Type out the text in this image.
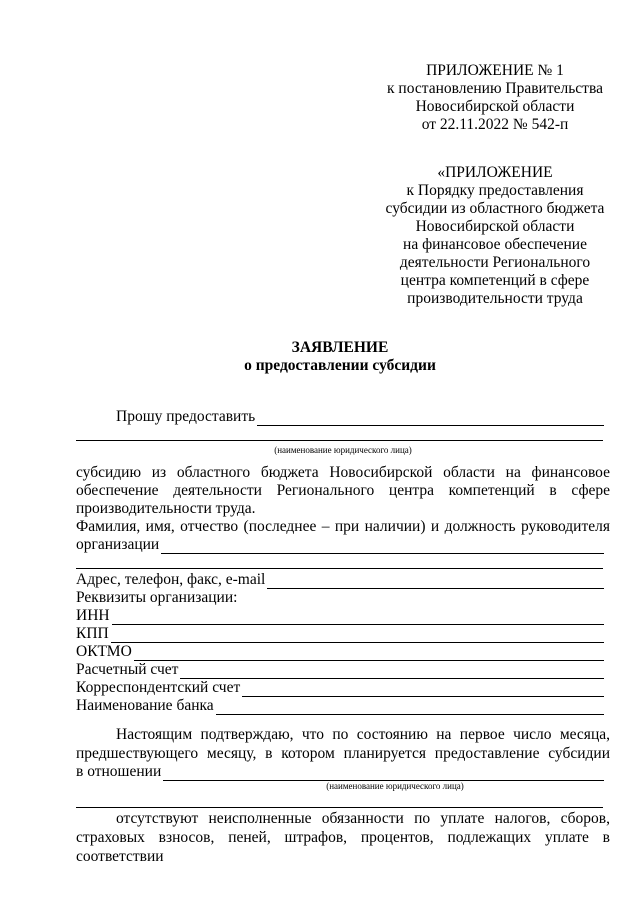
ПРИЛОЖЕНИЕ № 1
к постановлению Правительства
Новосибирской области
от 22.11.2022 № 542-п
«ПРИЛОЖЕНИЕ
к Порядку предоставления
субсидии из областного бюджета
Новосибирской области
на финансовое обеспечение
деятельности Регионального
центра компетенций в сфере
производительности труда
ЗАЯВЛЕНИЕ
о предоставлении субсидии
Прошу предоставить
(наименование юридического лица)
субсидию из областного бюджета Новосибирской области на финансовое
обеспечение деятельности Регионального центра компетенций в сфере
производительности труда.
Фамилия, имя, отчество (последнее – при наличии) и должность руководителя
организации
Адрес, телефон, факс, e-mail
Реквизиты организации:
ИНН
КПП
ОКТМО
Расчетный счет
Корреспондентский счет
Наименование банка
Настоящим подтверждаю, что по состоянию на первое число месяца,
предшествующего месяцу, в котором планируется предоставление субсидии
в отношении
(наименование юридического лица)
отсутствуют неисполненные обязанности по уплате налогов, сборов,
страховых взносов, пеней, штрафов, процентов, подлежащих уплате в соответствии
